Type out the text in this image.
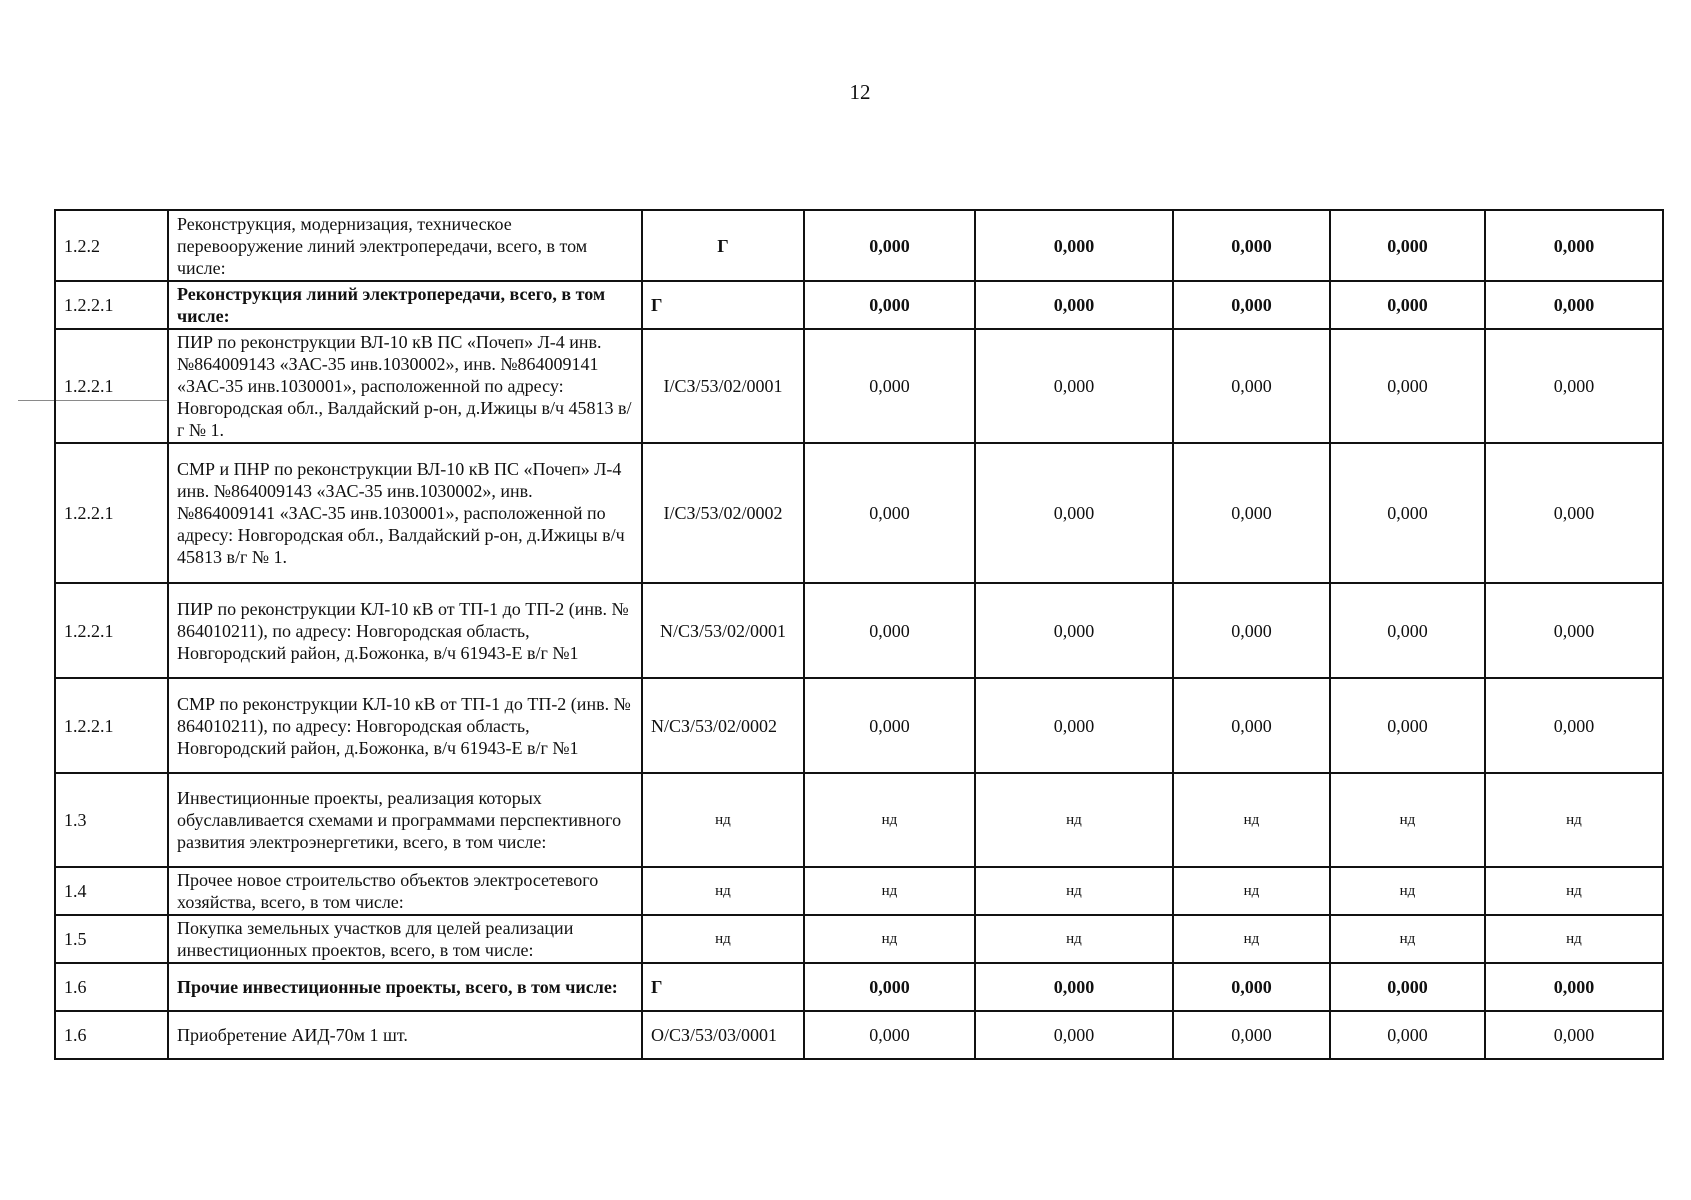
12
1.2.2	Реконструкция, модернизация, техническое перевооружение линий электропередачи, всего, в том числе:	Г	0,000	0,000	0,000	0,000	0,000
1.2.2.1	Реконструкция линий электропередачи, всего, в том числе:	Г	0,000	0,000	0,000	0,000	0,000
1.2.2.1	ПИР по реконструкции ВЛ-10 кВ ПС «Почеп» Л-4 инв. №864009143 «ЗАС-35 инв.1030002», инв. №864009141 «ЗАС-35 инв.1030001», расположенной по адресу: Новгородская обл., Валдайский р-он, д.Ижицы в/ч 45813 в/г № 1.	I/СЗ/53/02/0001	0,000	0,000	0,000	0,000	0,000
1.2.2.1	СМР и ПНР по реконструкции ВЛ-10 кВ ПС «Почеп» Л-4 инв. №864009143 «ЗАС-35 инв.1030002», инв. №864009141 «ЗАС-35 инв.1030001», расположенной по адресу: Новгородская обл., Валдайский р-он, д.Ижицы в/ч 45813 в/г № 1.	I/СЗ/53/02/0002	0,000	0,000	0,000	0,000	0,000
1.2.2.1	ПИР по реконструкции КЛ-10 кВ от ТП-1 до ТП-2 (инв. № 864010211), по адресу: Новгородская область, Новгородский район, д.Божонка, в/ч 61943-Е в/г №1	N/СЗ/53/02/0001	0,000	0,000	0,000	0,000	0,000
1.2.2.1	СМР по реконструкции КЛ-10 кВ от ТП-1 до ТП-2 (инв. № 864010211), по адресу: Новгородская область, Новгородский район, д.Божонка, в/ч 61943-Е в/г №1	N/СЗ/53/02/0002	0,000	0,000	0,000	0,000	0,000
1.3	Инвестиционные проекты, реализация которых обуславливается схемами и программами перспективного развития электроэнергетики, всего, в том числе:	нд	нд	нд	нд	нд	нд
1.4	Прочее новое строительство объектов электросетевого хозяйства, всего, в том числе:	нд	нд	нд	нд	нд	нд
1.5	Покупка земельных участков для целей реализации инвестиционных проектов, всего, в том числе:	нд	нд	нд	нд	нд	нд
1.6	Прочие инвестиционные проекты, всего, в том числе:	Г	0,000	0,000	0,000	0,000	0,000
1.6	Приобретение АИД-70м 1 шт.	O/СЗ/53/03/0001	0,000	0,000	0,000	0,000	0,000
